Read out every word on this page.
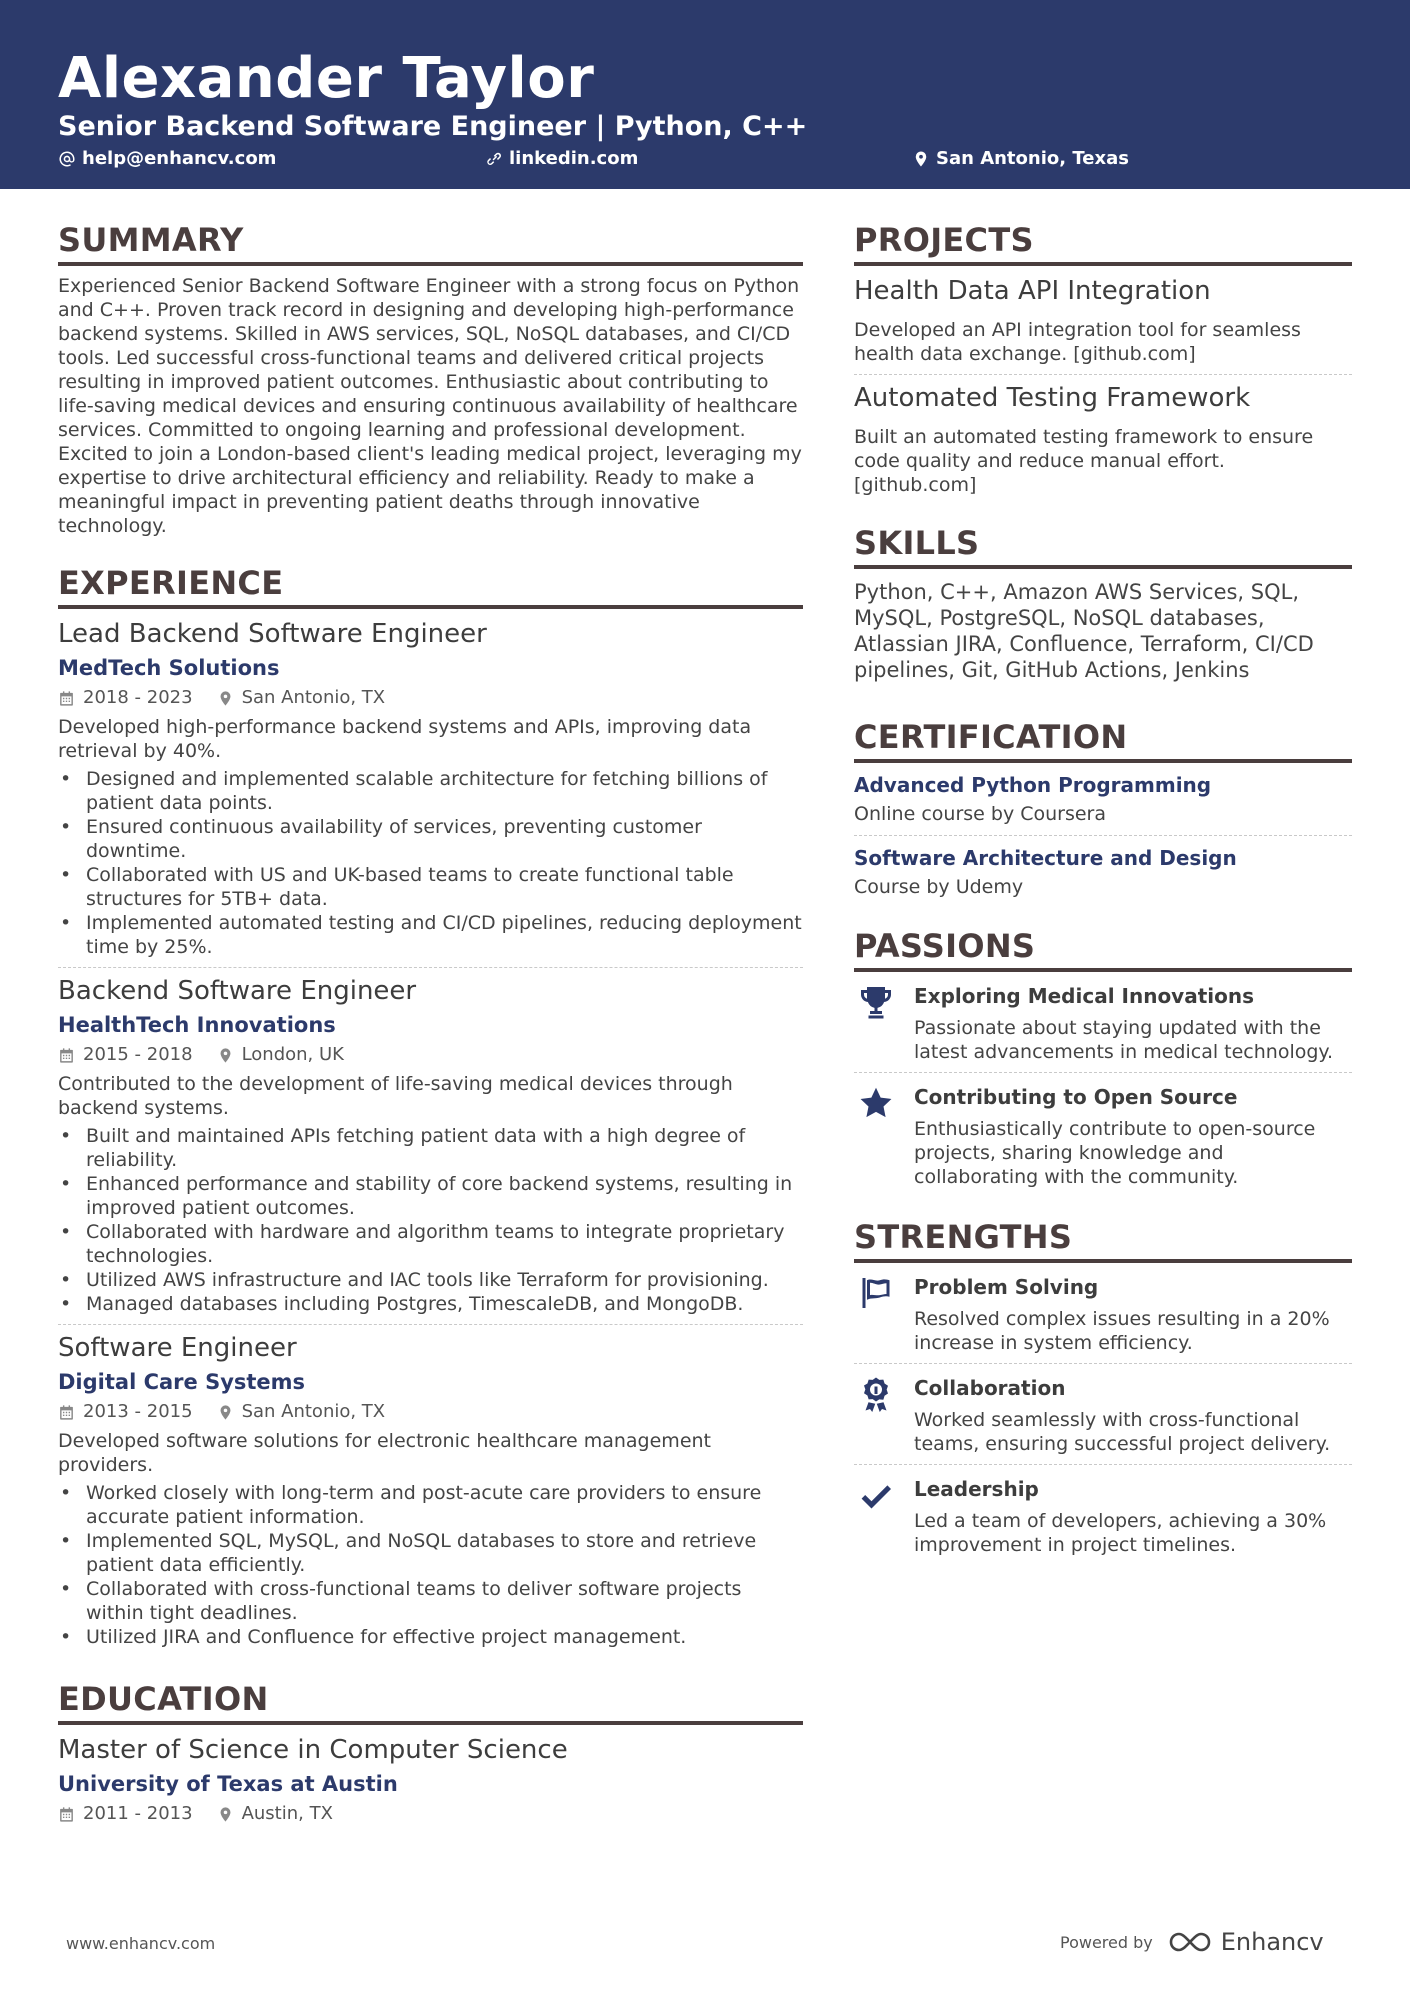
Alexander Taylor
Senior Backend Software Engineer | Python, C++
help@enhancv.com	linkedin.com	San Antonio, Texas
SUMMARY
Experienced Senior Backend Software Engineer with a strong focus on Python and C++. Proven track record in designing and developing high-performance backend systems. Skilled in AWS services, SQL, NoSQL databases, and CI/CD tools. Led successful cross-functional teams and delivered critical projects resulting in improved patient outcomes. Enthusiastic about contributing to life-saving medical devices and ensuring continuous availability of healthcare services. Committed to ongoing learning and professional development. Excited to join a London-based client's leading medical project, leveraging my expertise to drive architectural efficiency and reliability. Ready to make a meaningful impact in preventing patient deaths through innovative technology.
EXPERIENCE
Lead Backend Software Engineer
MedTech Solutions
2018 - 2023	San Antonio, TX
Developed high-performance backend systems and APIs, improving data retrieval by 40%.
• Designed and implemented scalable architecture for fetching billions of patient data points.
• Ensured continuous availability of services, preventing customer downtime.
• Collaborated with US and UK-based teams to create functional table structures for 5TB+ data.
• Implemented automated testing and CI/CD pipelines, reducing deployment time by 25%.
Backend Software Engineer
HealthTech Innovations
2015 - 2018	London, UK
Contributed to the development of life-saving medical devices through backend systems.
• Built and maintained APIs fetching patient data with a high degree of reliability.
• Enhanced performance and stability of core backend systems, resulting in improved patient outcomes.
• Collaborated with hardware and algorithm teams to integrate proprietary technologies.
• Utilized AWS infrastructure and IAC tools like Terraform for provisioning.
• Managed databases including Postgres, TimescaleDB, and MongoDB.
Software Engineer
Digital Care Systems
2013 - 2015	San Antonio, TX
Developed software solutions for electronic healthcare management providers.
• Worked closely with long-term and post-acute care providers to ensure accurate patient information.
• Implemented SQL, MySQL, and NoSQL databases to store and retrieve patient data efficiently.
• Collaborated with cross-functional teams to deliver software projects within tight deadlines.
• Utilized JIRA and Confluence for effective project management.
EDUCATION
Master of Science in Computer Science
University of Texas at Austin
2011 - 2013	Austin, TX
PROJECTS
Health Data API Integration
Developed an API integration tool for seamless health data exchange. [github.com]
Automated Testing Framework
Built an automated testing framework to ensure code quality and reduce manual effort. [github.com]
SKILLS
Python, C++, Amazon AWS Services, SQL, MySQL, PostgreSQL, NoSQL databases, Atlassian JIRA, Confluence, Terraform, CI/CD pipelines, Git, GitHub Actions, Jenkins
CERTIFICATION
Advanced Python Programming
Online course by Coursera
Software Architecture and Design
Course by Udemy
PASSIONS
Exploring Medical Innovations
Passionate about staying updated with the latest advancements in medical technology.
Contributing to Open Source
Enthusiastically contribute to open-source projects, sharing knowledge and collaborating with the community.
STRENGTHS
Problem Solving
Resolved complex issues resulting in a 20% increase in system efficiency.
Collaboration
Worked seamlessly with cross-functional teams, ensuring successful project delivery.
Leadership
Led a team of developers, achieving a 30% improvement in project timelines.
www.enhancv.com	Powered by	Enhancv
